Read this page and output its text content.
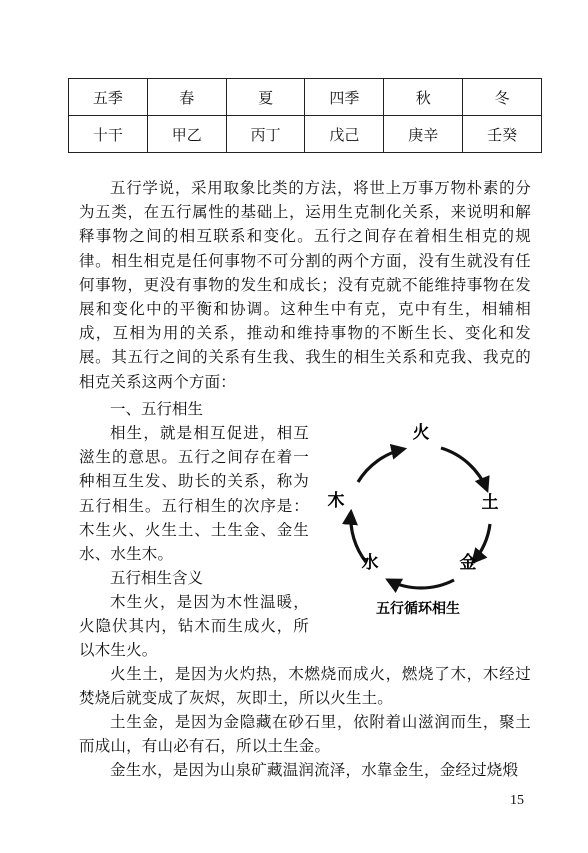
五季	春	夏	四季	秋	冬
十干	甲乙	丙丁	戊己	庚辛	壬癸

五行学说，采用取象比类的方法，将世上万事万物朴素的分为五类，在五行属性的基础上，运用生克制化关系，来说明和解释事物之间的相互联系和变化。五行之间存在着相生相克的规律。相生相克是任何事物不可分割的两个方面，没有生就没有任何事物，更没有事物的发生和成长；没有克就不能维持事物在发展和变化中的平衡和协调。这种生中有克，克中有生，相辅相成，互相为用的关系，推动和维持事物的不断生长、变化和发展。其五行之间的关系有生我、我生的相生关系和克我、我克的相克关系这两个方面：

一、五行相生

相生，就是相互促进，相互滋生的意思。五行之间存在着一种相互生发、助长的关系，称为五行相生。五行相生的次序是：木生火、火生土、土生金、金生水、水生木。

五行相生含义

木生火，是因为木性温暖，火隐伏其内，钻木而生成火，所以木生火。

火生土，是因为火灼热，木燃烧而成火，燃烧了木，木经过焚烧后就变成了灰烬，灰即土，所以火生土。

土生金，是因为金隐藏在砂石里，依附着山滋润而生，聚土而成山，有山必有石，所以土生金。

金生水，是因为山泉矿藏温润流泽，水靠金生，金经过烧煅

火
土
金
水
木
五行循环相生
15
